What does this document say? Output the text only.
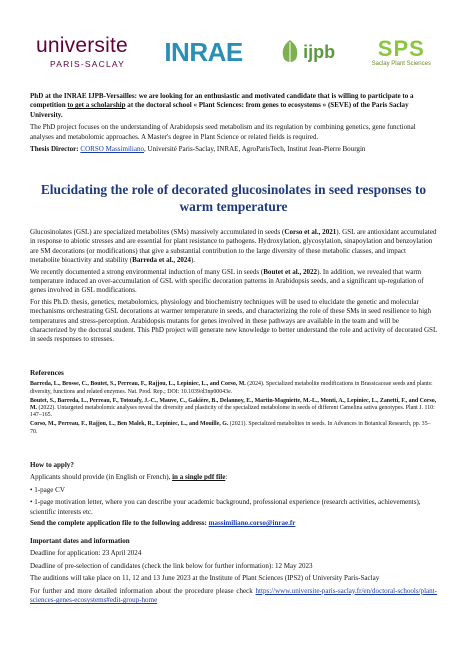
universite
PARIS-SACLAY INRAE	ijpb SPS
Saclay Plant Sciences
PhD at the INRAE IJPB-Versailles: we are looking for an enthusiastic and motivated candidate that is willing to participate to a competition to get a scholarship at the doctoral school « Plant Sciences: from genes to ecosystems » (SEVE) of the Paris Saclay University.
The PhD project focuses on the understanding of Arabidopsis seed metabolism and its regulation by combining genetics, gene functional analyses and metabolomic approaches. A Master's degree in Plant Science or related fields is required.
Thesis Director: CORSO Massimiliano, Université Paris-Saclay, INRAE, AgroParisTech, Institut Jean-Pierre Bourgin
Elucidating the role of decorated glucosinolates in seed responses to warm temperature
Glucosinolates (GSL) are specialized metabolites (SMs) massively accumulated in seeds (Corso et al., 2021). GSL are antioxidant accumulated in response to abiotic stresses and are essential for plant resistance to pathogens. Hydroxylation, glycosylation, sinapoylation and benzoylation are SM decorations (or modifications) that give a substantial contribution to the large diversity of these metabolic classes, and impact metabolite bioactivity and stability (Barreda et al., 2024).
We recently documented a strong environmental induction of many GSL in seeds (Boutet et al., 2022). In addition, we revealed that warm temperature induced an over-accumulation of GSL with specific decoration patterns in Arabidopsis seeds, and a significant up-regulation of genes involved in GSL modifications.
For this Ph.D. thesis, genetics, metabolomics, physiology and biochemistry techniques will be used to elucidate the genetic and molecular mechanisms orchestrating GSL decorations at warmer temperature in seeds, and characterizing the role of these SMs in seed resilience to high temperatures and stress-perception. Arabidopsis mutants for genes involved in these pathways are available in the team and will be characterized by the doctoral student. This PhD project will generate new knowledge to better understand the role and activity of decorated GSL in seeds responses to stresses.
References
Barreda, L., Brosse, C., Boutet, S., Perreau, F., Rajjou, L., Lepiniec, L., and Corso, M. (2024). Specialized metabolite modifications in Brassicaceae seeds and plants: diversity, functions and related enzymes. Nat. Prod. Rep.; DOI: 10.1039/d3np00043e.
Boutet, S., Barreda, L., Perreau, F., Totozafy, J.-C., Mauve, C., Gakière, B., Delannoy, E., Martin-Magniette, M.-L., Monti, A., Lepiniec, L., Zanetti, F., and Corso, M. (2022). Untargeted metabolomic analyses reveal the diversity and plasticity of the specialized metabolome in seeds of different Camelina sativa genotypes. Plant J. 110: 147–165.
Corso, M., Perreau, F., Rajjou, L., Ben Malek, R., Lepiniec, L., and Mouille, G. (2021). Specialized metabolites in seeds. In Advances in Botanical Research, pp. 35–70.
How to apply?
Applicants should provide (in English or French), in a single pdf file:
• 1-page CV
• 1-page motivation letter, where you can describe your academic background, professional experience (research activities, achievements), scientific interests etc.
Send the complete application file to the following address: massimiliano.corso@inrae.fr
Important dates and information
Deadline for application: 23 April 2024
Deadline of pre-selection of candidates (check the link below for further information): 12 May 2023
The auditions will take place on 11, 12 and 13 June 2023 at the Institute of Plant Sciences (IPS2) of University Paris-Saclay
For further and more detailed information about the procedure please check https://www.universite-paris-saclay.fr/en/doctoral-schools/plant-sciences-genes-ecosystems#edit-group-home
